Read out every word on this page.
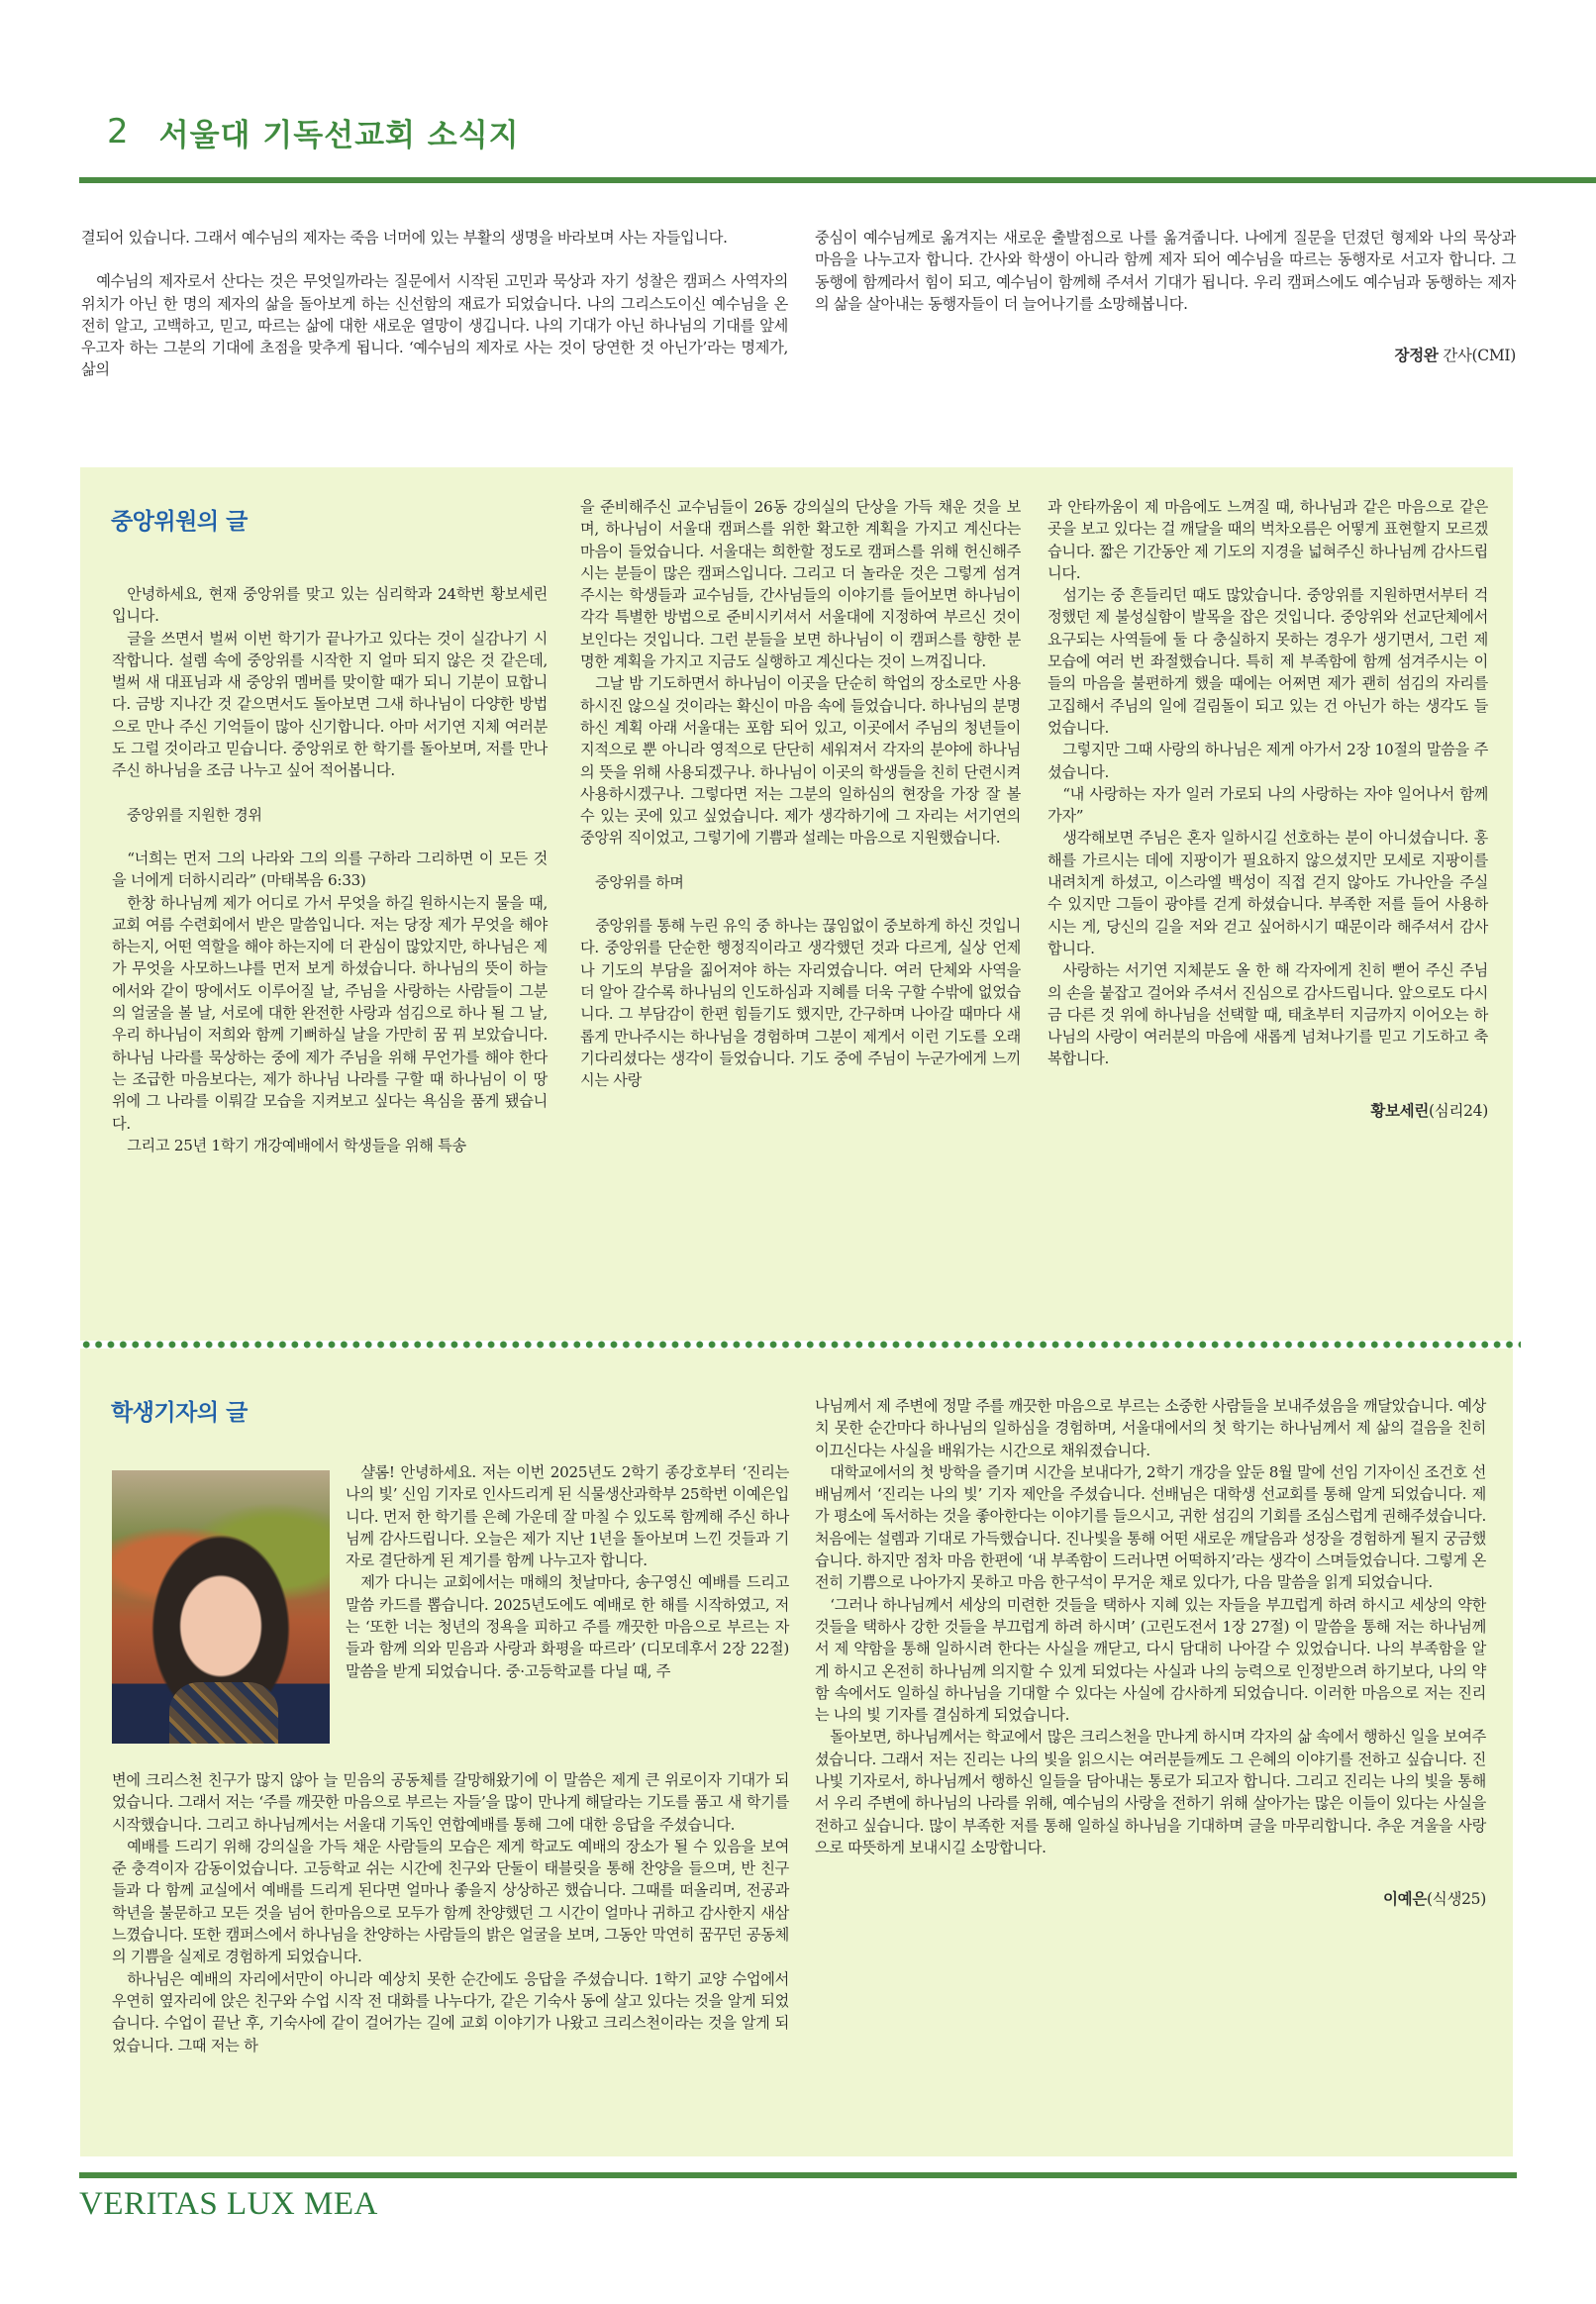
2 서울대 기독선교회 소식지

결되어 있습니다. 그래서 예수님의 제자는 죽음 너머에 있는 부활의 생명을 바라보며 사는 자들입니다.

예수님의 제자로서 산다는 것은 무엇일까라는 질문에서 시작된 고민과 묵상과 자기 성찰은 캠퍼스 사역자의 위치가 아닌 한 명의 제자의 삶을 돌아보게 하는 신선함의 재료가 되었습니다. 나의 그리스도이신 예수님을 온전히 알고, 고백하고, 믿고, 따르는 삶에 대한 새로운 열망이 생깁니다. 나의 기대가 아닌 하나님의 기대를 앞세우고자 하는 그분의 기대에 초점을 맞추게 됩니다. ‘예수님의 제자로 사는 것이 당연한 것 아닌가’라는 명제가, 삶의

중심이 예수님께로 옮겨지는 새로운 출발점으로 나를 옮겨줍니다. 나에게 질문을 던졌던 형제와 나의 묵상과 마음을 나누고자 합니다. 간사와 학생이 아니라 함께 제자 되어 예수님을 따르는 동행자로 서고자 합니다. 그 동행에 함께라서 힘이 되고, 예수님이 함께해 주셔서 기대가 됩니다. 우리 캠퍼스에도 예수님과 동행하는 제자의 삶을 살아내는 동행자들이 더 늘어나기를 소망해봅니다.

장정완 간사(CMI)
중앙위원의 글

안녕하세요, 현재 중앙위를 맞고 있는 심리학과 24학번 황보세린입니다.

글을 쓰면서 벌써 이번 학기가 끝나가고 있다는 것이 실감나기 시작합니다. 설렘 속에 중앙위를 시작한 지 얼마 되지 않은 것 같은데, 벌써 새 대표님과 새 중앙위 멤버를 맞이할 때가 되니 기분이 묘합니다. 금방 지나간 것 같으면서도 돌아보면 그새 하나님이 다양한 방법으로 만나 주신 기억들이 많아 신기합니다. 아마 서기연 지체 여러분도 그럴 것이라고 믿습니다. 중앙위로 한 학기를 돌아보며, 저를 만나주신 하나님을 조금 나누고 싶어 적어봅니다.

중앙위를 지원한 경위

“너희는 먼저 그의 나라와 그의 의를 구하라 그리하면 이 모든 것을 너에게 더하시리라” (마태복음 6:33)

한창 하나님께 제가 어디로 가서 무엇을 하길 원하시는지 물을 때, 교회 여름 수련회에서 받은 말씀입니다. 저는 당장 제가 무엇을 해야 하는지, 어떤 역할을 해야 하는지에 더 관심이 많았지만, 하나님은 제가 무엇을 사모하느냐를 먼저 보게 하셨습니다. 하나님의 뜻이 하늘에서와 같이 땅에서도 이루어질 날, 주님을 사랑하는 사람들이 그분의 얼굴을 볼 날, 서로에 대한 완전한 사랑과 섬김으로 하나 될 그 날, 우리 하나님이 저희와 함께 기뻐하실 날을 가만히 꿈 꿔 보았습니다. 하나님 나라를 묵상하는 중에 제가 주님을 위해 무언가를 해야 한다는 조급한 마음보다는, 제가 하나님 나라를 구할 때 하나님이 이 땅 위에 그 나라를 이뤄갈 모습을 지켜보고 싶다는 욕심을 품게 됐습니다.

그리고 25년 1학기 개강예배에서 학생들을 위해 특송

을 준비해주신 교수님들이 26동 강의실의 단상을 가득 채운 것을 보며, 하나님이 서울대 캠퍼스를 위한 확고한 계획을 가지고 계신다는 마음이 들었습니다. 서울대는 희한할 정도로 캠퍼스를 위해 헌신해주시는 분들이 많은 캠퍼스입니다. 그리고 더 놀라운 것은 그렇게 섬겨 주시는 학생들과 교수님들, 간사님들의 이야기를 들어보면 하나님이 각각 특별한 방법으로 준비시키셔서 서울대에 지정하여 부르신 것이 보인다는 것입니다. 그런 분들을 보면 하나님이 이 캠퍼스를 향한 분명한 계획을 가지고 지금도 실행하고 계신다는 것이 느껴집니다.

그날 밤 기도하면서 하나님이 이곳을 단순히 학업의 장소로만 사용하시진 않으실 것이라는 확신이 마음 속에 들었습니다. 하나님의 분명하신 계획 아래 서울대는 포함 되어 있고, 이곳에서 주님의 청년들이 지적으로 뿐 아니라 영적으로 단단히 세워져서 각자의 분야에 하나님의 뜻을 위해 사용되겠구나. 하나님이 이곳의 학생들을 친히 단련시켜 사용하시겠구나. 그렇다면 저는 그분의 일하심의 현장을 가장 잘 볼 수 있는 곳에 있고 싶었습니다. 제가 생각하기에 그 자리는 서기연의 중앙위 직이었고, 그렇기에 기쁨과 설레는 마음으로 지원했습니다.

중앙위를 하며

중앙위를 통해 누린 유익 중 하나는 끊임없이 중보하게 하신 것입니다. 중앙위를 단순한 행정직이라고 생각했던 것과 다르게, 실상 언제나 기도의 부담을 짊어져야 하는 자리였습니다. 여러 단체와 사역을 더 알아 갈수록 하나님의 인도하심과 지혜를 더욱 구할 수밖에 없었습니다. 그 부담감이 한편 힘들기도 했지만, 간구하며 나아갈 때마다 새롭게 만나주시는 하나님을 경험하며 그분이 제게서 이런 기도를 오래 기다리셨다는 생각이 들었습니다. 기도 중에 주님이 누군가에게 느끼시는 사랑

과 안타까움이 제 마음에도 느껴질 때, 하나님과 같은 마음으로 같은 곳을 보고 있다는 걸 깨달을 때의 벅차오름은 어떻게 표현할지 모르겠습니다. 짧은 기간동안 제 기도의 지경을 넓혀주신 하나님께 감사드립니다.

섬기는 중 흔들리던 때도 많았습니다. 중앙위를 지원하면서부터 걱정했던 제 불성실함이 발목을 잡은 것입니다. 중앙위와 선교단체에서 요구되는 사역들에 둘 다 충실하지 못하는 경우가 생기면서, 그런 제 모습에 여러 번 좌절했습니다. 특히 제 부족함에 함께 섬겨주시는 이들의 마음을 불편하게 했을 때에는 어쩌면 제가 괜히 섬김의 자리를 고집해서 주님의 일에 걸림돌이 되고 있는 건 아닌가 하는 생각도 들었습니다.

그렇지만 그때 사랑의 하나님은 제게 아가서 2장 10절의 말씀을 주셨습니다.

“내 사랑하는 자가 일러 가로되 나의 사랑하는 자야 일어나서 함께 가자”

생각해보면 주님은 혼자 일하시길 선호하는 분이 아니셨습니다. 홍해를 가르시는 데에 지팡이가 필요하지 않으셨지만 모세로 지팡이를 내려치게 하셨고, 이스라엘 백성이 직접 걷지 않아도 가나안을 주실 수 있지만 그들이 광야를 걷게 하셨습니다. 부족한 저를 들어 사용하시는 게, 당신의 길을 저와 걷고 싶어하시기 때문이라 해주셔서 감사합니다.

사랑하는 서기연 지체분도 올 한 해 각자에게 친히 뻗어 주신 주님의 손을 붙잡고 걸어와 주셔서 진심으로 감사드립니다. 앞으로도 다시금 다른 것 위에 하나님을 선택할 때, 태초부터 지금까지 이어오는 하나님의 사랑이 여러분의 마음에 새롭게 넘쳐나기를 믿고 기도하고 축복합니다.

황보세린(심리24)
학생기자의 글

샬롬! 안녕하세요. 저는 이번 2025년도 2학기 종강호부터 ‘진리는 나의 빛’ 신임 기자로 인사드리게 된 식물생산과학부 25학번 이예은입니다. 먼저 한 학기를 은혜 가운데 잘 마칠 수 있도록 함께해 주신 하나님께 감사드립니다. 오늘은 제가 지난 1년을 돌아보며 느낀 것들과 기자로 결단하게 된 계기를 함께 나누고자 합니다.

제가 다니는 교회에서는 매해의 첫날마다, 송구영신 예배를 드리고 말씀 카드를 뽑습니다. 2025년도에도 예배로 한 해를 시작하였고, 저는 ‘또한 너는 청년의 정욕을 피하고 주를 깨끗한 마음으로 부르는 자들과 함께 의와 믿음과 사랑과 화평을 따르라’ (디모데후서 2장 22절) 말씀을 받게 되었습니다. 중·고등학교를 다닐 때, 주

변에 크리스천 친구가 많지 않아 늘 믿음의 공동체를 갈망해왔기에 이 말씀은 제게 큰 위로이자 기대가 되었습니다. 그래서 저는 ‘주를 깨끗한 마음으로 부르는 자들’을 많이 만나게 해달라는 기도를 품고 새 학기를 시작했습니다. 그리고 하나님께서는 서울대 기독인 연합예배를 통해 그에 대한 응답을 주셨습니다.

예배를 드리기 위해 강의실을 가득 채운 사람들의 모습은 제게 학교도 예배의 장소가 될 수 있음을 보여준 충격이자 감동이었습니다. 고등학교 쉬는 시간에 친구와 단둘이 태블릿을 통해 찬양을 들으며, 반 친구들과 다 함께 교실에서 예배를 드리게 된다면 얼마나 좋을지 상상하곤 했습니다. 그때를 떠올리며, 전공과 학년을 불문하고 모든 것을 넘어 한마음으로 모두가 함께 찬양했던 그 시간이 얼마나 귀하고 감사한지 새삼 느꼈습니다. 또한 캠퍼스에서 하나님을 찬양하는 사람들의 밝은 얼굴을 보며, 그동안 막연히 꿈꾸던 공동체의 기쁨을 실제로 경험하게 되었습니다.

하나님은 예배의 자리에서만이 아니라 예상치 못한 순간에도 응답을 주셨습니다. 1학기 교양 수업에서 우연히 옆자리에 앉은 친구와 수업 시작 전 대화를 나누다가, 같은 기숙사 동에 살고 있다는 것을 알게 되었습니다. 수업이 끝난 후, 기숙사에 같이 걸어가는 길에 교회 이야기가 나왔고 크리스천이라는 것을 알게 되었습니다. 그때 저는 하

나님께서 제 주변에 정말 주를 깨끗한 마음으로 부르는 소중한 사람들을 보내주셨음을 깨달았습니다. 예상치 못한 순간마다 하나님의 일하심을 경험하며, 서울대에서의 첫 학기는 하나님께서 제 삶의 걸음을 친히 이끄신다는 사실을 배워가는 시간으로 채워졌습니다.

대학교에서의 첫 방학을 즐기며 시간을 보내다가, 2학기 개강을 앞둔 8월 말에 선임 기자이신 조건호 선배님께서 ‘진리는 나의 빛’ 기자 제안을 주셨습니다. 선배님은 대학생 선교회를 통해 알게 되었습니다. 제가 평소에 독서하는 것을 좋아한다는 이야기를 들으시고, 귀한 섬김의 기회를 조심스럽게 권해주셨습니다. 처음에는 설렘과 기대로 가득했습니다. 진나빛을 통해 어떤 새로운 깨달음과 성장을 경험하게 될지 궁금했습니다. 하지만 점차 마음 한편에 ‘내 부족함이 드러나면 어떡하지’라는 생각이 스며들었습니다. 그렇게 온전히 기쁨으로 나아가지 못하고 마음 한구석이 무거운 채로 있다가, 다음 말씀을 읽게 되었습니다.

‘그러나 하나님께서 세상의 미련한 것들을 택하사 지혜 있는 자들을 부끄럽게 하려 하시고 세상의 약한 것들을 택하사 강한 것들을 부끄럽게 하려 하시며’ (고린도전서 1장 27절) 이 말씀을 통해 저는 하나님께서 제 약함을 통해 일하시려 한다는 사실을 깨닫고, 다시 담대히 나아갈 수 있었습니다. 나의 부족함을 알게 하시고 온전히 하나님께 의지할 수 있게 되었다는 사실과 나의 능력으로 인정받으려 하기보다, 나의 약함 속에서도 일하실 하나님을 기대할 수 있다는 사실에 감사하게 되었습니다. 이러한 마음으로 저는 진리는 나의 빛 기자를 결심하게 되었습니다.

돌아보면, 하나님께서는 학교에서 많은 크리스천을 만나게 하시며 각자의 삶 속에서 행하신 일을 보여주셨습니다. 그래서 저는 진리는 나의 빛을 읽으시는 여러분들께도 그 은혜의 이야기를 전하고 싶습니다. 진나빛 기자로서, 하나님께서 행하신 일들을 담아내는 통로가 되고자 합니다. 그리고 진리는 나의 빛을 통해서 우리 주변에 하나님의 나라를 위해, 예수님의 사랑을 전하기 위해 살아가는 많은 이들이 있다는 사실을 전하고 싶습니다. 많이 부족한 저를 통해 일하실 하나님을 기대하며 글을 마무리합니다. 추운 겨울을 사랑으로 따뜻하게 보내시길 소망합니다.

이예은(식생25)
VERITAS LUX MEA
